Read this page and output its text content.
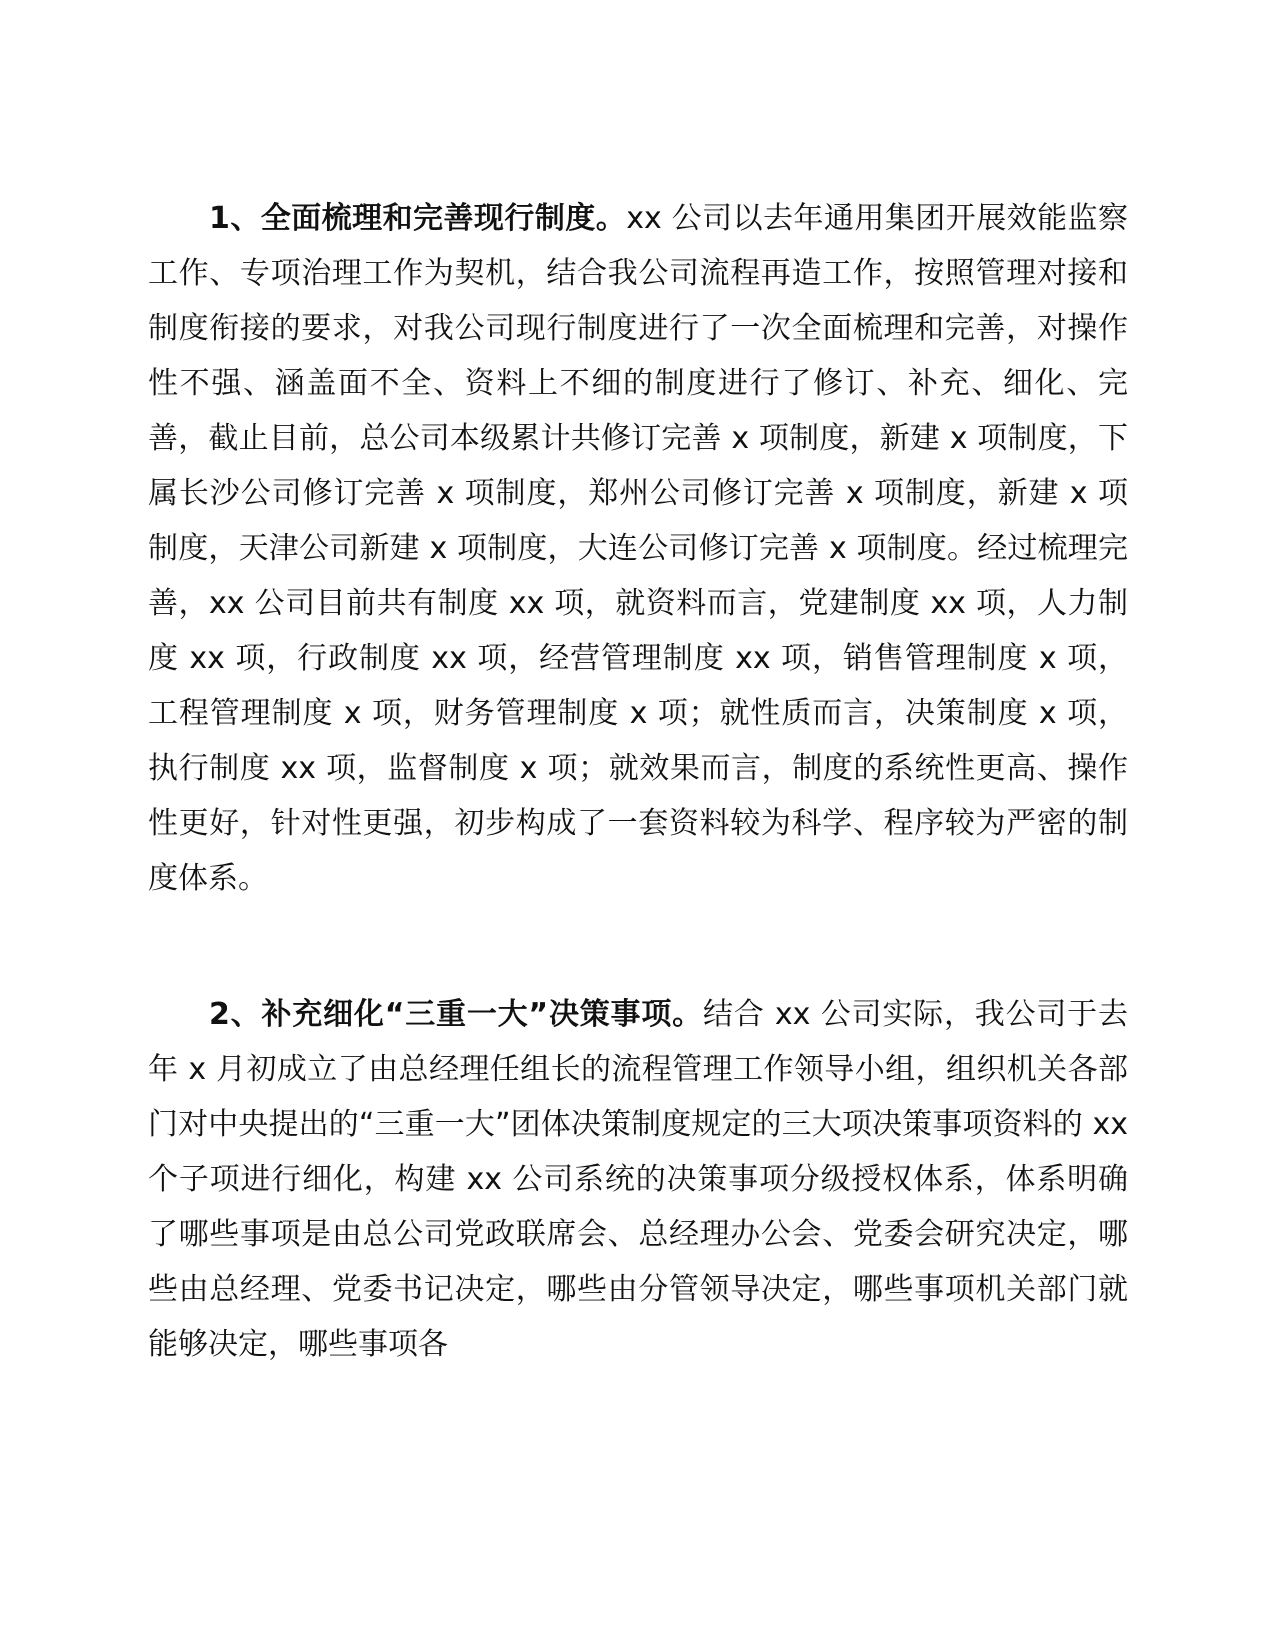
1、全面梳理和完善现行制度。xx 公司以去年通用集团开展效能监察工作、专项治理工作为契机，结合我公司流程再造工作，按照管理对接和制度衔接的要求，对我公司现行制度进行了一次全面梳理和完善，对操作性不强、涵盖面不全、资料上不细的制度进行了修订、补充、细化、完善，截止目前，总公司本级累计共修订完善 x 项制度，新建 x 项制度，下属长沙公司修订完善 x 项制度，郑州公司修订完善 x 项制度，新建 x 项制度，天津公司新建 x 项制度，大连公司修订完善 x 项制度。经过梳理完善，xx 公司目前共有制度 xx 项，就资料而言，党建制度 xx 项，人力制度 xx 项，行政制度 xx 项，经营管理制度 xx 项，销售管理制度 x 项，工程管理制度 x 项，财务管理制度 x 项；就性质而言，决策制度 x 项，执行制度 xx 项，监督制度 x 项；就效果而言，制度的系统性更高、操作性更好，针对性更强，初步构成了一套资料较为科学、程序较为严密的制度体系。

2、补充细化“三重一大”决策事项。结合 xx 公司实际，我公司于去年 x 月初成立了由总经理任组长的流程管理工作领导小组，组织机关各部门对中央提出的“三重一大”团体决策制度规定的三大项决策事项资料的 xx 个子项进行细化，构建 xx 公司系统的决策事项分级授权体系，体系明确了哪些事项是由总公司党政联席会、总经理办公会、党委会研究决定，哪些由总经理、党委书记决定，哪些由分管领导决定，哪些事项机关部门就能够决定，哪些事项各
